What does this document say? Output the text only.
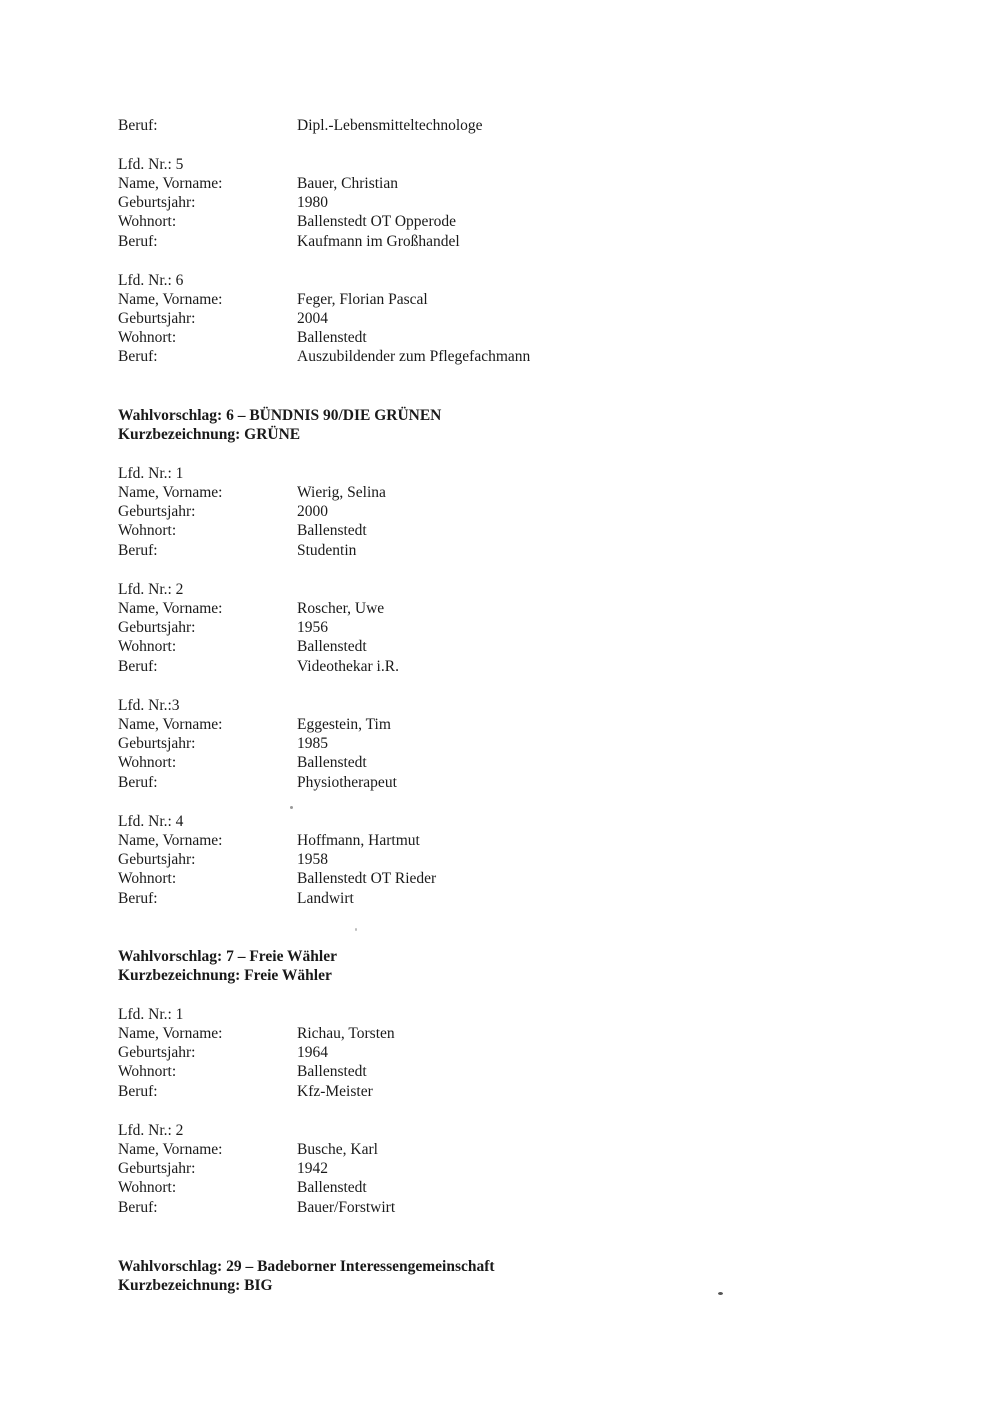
Beruf:	Dipl.-Lebensmitteltechnologe
Lfd. Nr.: 5
Name, Vorname:	Bauer, Christian
Geburtsjahr:	1980
Wohnort:	Ballenstedt OT Opperode
Beruf:	Kaufmann im Großhandel
Lfd. Nr.: 6
Name, Vorname:	Feger, Florian Pascal
Geburtsjahr:	2004
Wohnort:	Ballenstedt
Beruf:	Auszubildender zum Pflegefachmann
Wahlvorschlag: 6 – BÜNDNIS 90/DIE GRÜNEN
Kurzbezeichnung: GRÜNE
Lfd. Nr.: 1
Name, Vorname:	Wierig, Selina
Geburtsjahr:	2000
Wohnort:	Ballenstedt
Beruf:	Studentin
Lfd. Nr.: 2
Name, Vorname:	Roscher, Uwe
Geburtsjahr:	1956
Wohnort:	Ballenstedt
Beruf:	Videothekar i.R.
Lfd. Nr.:3
Name, Vorname:	Eggestein, Tim
Geburtsjahr:	1985
Wohnort:	Ballenstedt
Beruf:	Physiotherapeut
Lfd. Nr.: 4
Name, Vorname:	Hoffmann, Hartmut
Geburtsjahr:	1958
Wohnort:	Ballenstedt OT Rieder
Beruf:	Landwirt
Wahlvorschlag: 7 – Freie Wähler
Kurzbezeichnung: Freie Wähler
Lfd. Nr.: 1
Name, Vorname:	Richau, Torsten
Geburtsjahr:	1964
Wohnort:	Ballenstedt
Beruf:	Kfz-Meister
Lfd. Nr.: 2
Name, Vorname:	Busche, Karl
Geburtsjahr:	1942
Wohnort:	Ballenstedt
Beruf:	Bauer/Forstwirt
Wahlvorschlag: 29 – Badeborner Interessengemeinschaft
Kurzbezeichnung: BIG
